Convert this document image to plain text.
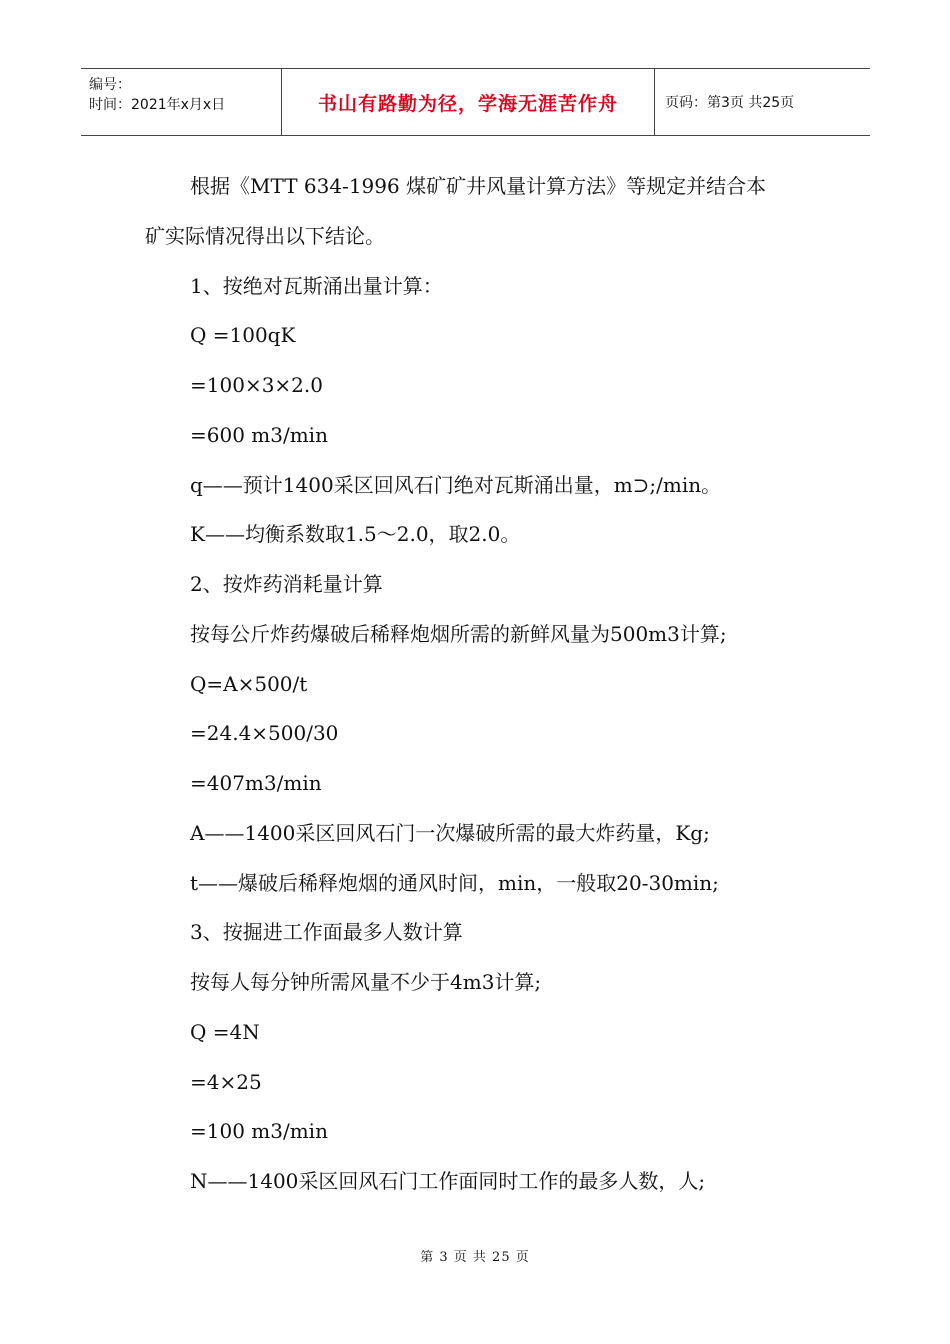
编号：
时间：2021年x月x日	书山有路勤为径，学海无涯苦作舟	页码：第3页 共25页
根据《MTT 634-1996 煤矿矿井风量计算方法》等规定并结合本
矿实际情况得出以下结论。
1、按绝对瓦斯涌出量计算：
Q =100qK
=100×3×2.0
=600 m3/min
q——预计1400采区回风石门绝对瓦斯涌出量，m⊃;/min。
K——均衡系数取1.5～2.0，取2.0。
2、按炸药消耗量计算
按每公斤炸药爆破后稀释炮烟所需的新鲜风量为500m3计算;
Q=A×500/t
=24.4×500/30
=407m3/min
A——1400采区回风石门一次爆破所需的最大炸药量，Kg;
t——爆破后稀释炮烟的通风时间，min，一般取20-30min;
3、按掘进工作面最多人数计算
按每人每分钟所需风量不少于4m3计算;
Q =4N
=4×25
=100 m3/min
N——1400采区回风石门工作面同时工作的最多人数，人;
第 3 页 共 25 页
